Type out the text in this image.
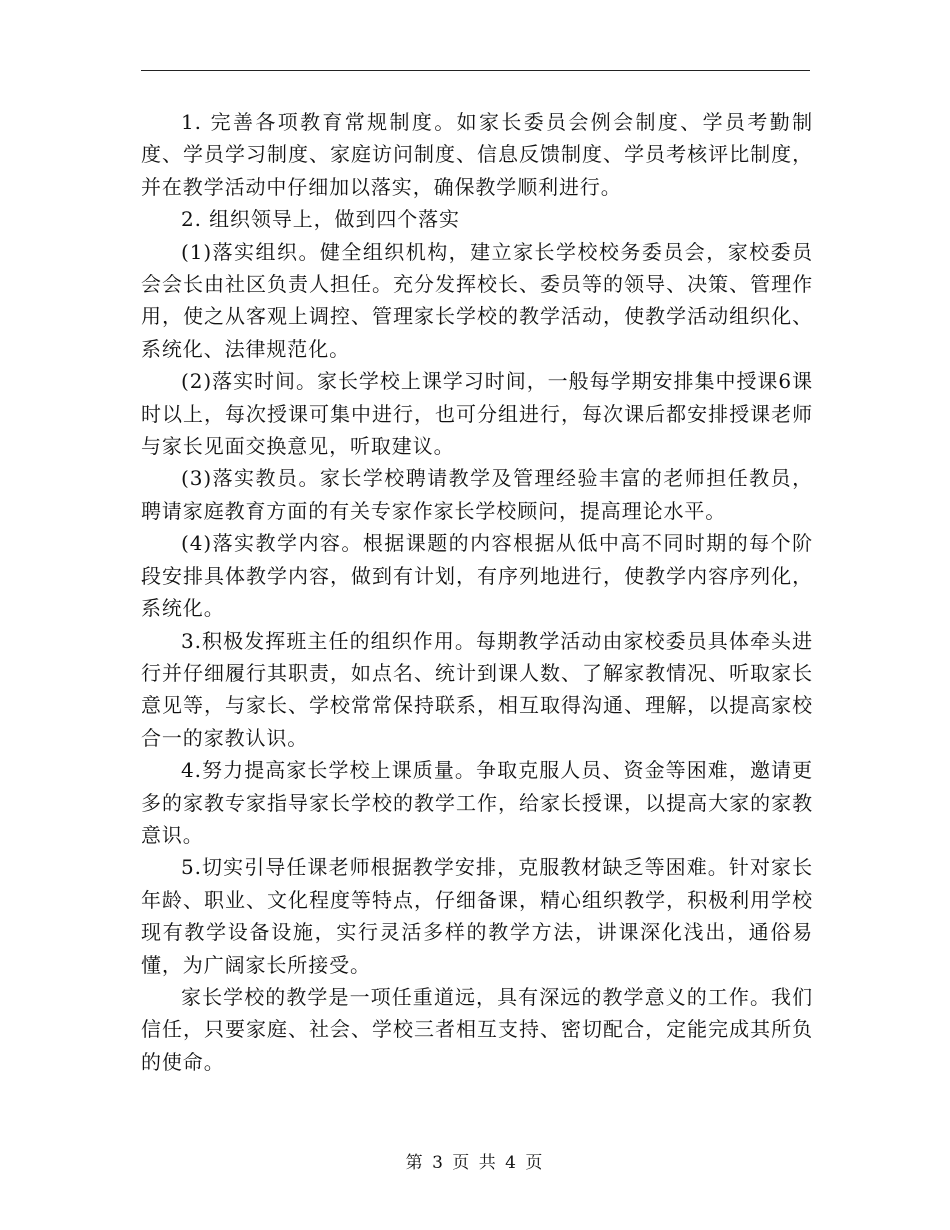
1. 完善各项教育常规制度。如家长委员会例会制度、学员考勤制度、学员学习制度、家庭访问制度、信息反馈制度、学员考核评比制度，并在教学活动中仔细加以落实，确保教学顺利进行。

2. 组织领导上，做到四个落实

(1)落实组织。健全组织机构，建立家长学校校务委员会，家校委员会会长由社区负责人担任。充分发挥校长、委员等的领导、决策、管理作用，使之从客观上调控、管理家长学校的教学活动，使教学活动组织化、系统化、法律规范化。

(2)落实时间。家长学校上课学习时间，一般每学期安排集中授课6课时以上，每次授课可集中进行，也可分组进行，每次课后都安排授课老师与家长见面交换意见，听取建议。

(3)落实教员。家长学校聘请教学及管理经验丰富的老师担任教员，聘请家庭教育方面的有关专家作家长学校顾问，提高理论水平。

(4)落实教学内容。根据课题的内容根据从低中高不同时期的每个阶段安排具体教学内容，做到有计划，有序列地进行，使教学内容序列化，系统化。

3.积极发挥班主任的组织作用。每期教学活动由家校委员具体牵头进行并仔细履行其职责，如点名、统计到课人数、了解家教情况、听取家长意见等，与家长、学校常常保持联系，相互取得沟通、理解，以提高家校合一的家教认识。

4.努力提高家长学校上课质量。争取克服人员、资金等困难，邀请更多的家教专家指导家长学校的教学工作，给家长授课，以提高大家的家教意识。

5.切实引导任课老师根据教学安排，克服教材缺乏等困难。针对家长年龄、职业、文化程度等特点，仔细备课，精心组织教学，积极利用学校现有教学设备设施，实行灵活多样的教学方法，讲课深化浅出，通俗易懂，为广阔家长所接受。

家长学校的教学是一项任重道远，具有深远的教学意义的工作。我们信任，只要家庭、社会、学校三者相互支持、密切配合，定能完成其所负的使命。

第 3 页 共 4 页
